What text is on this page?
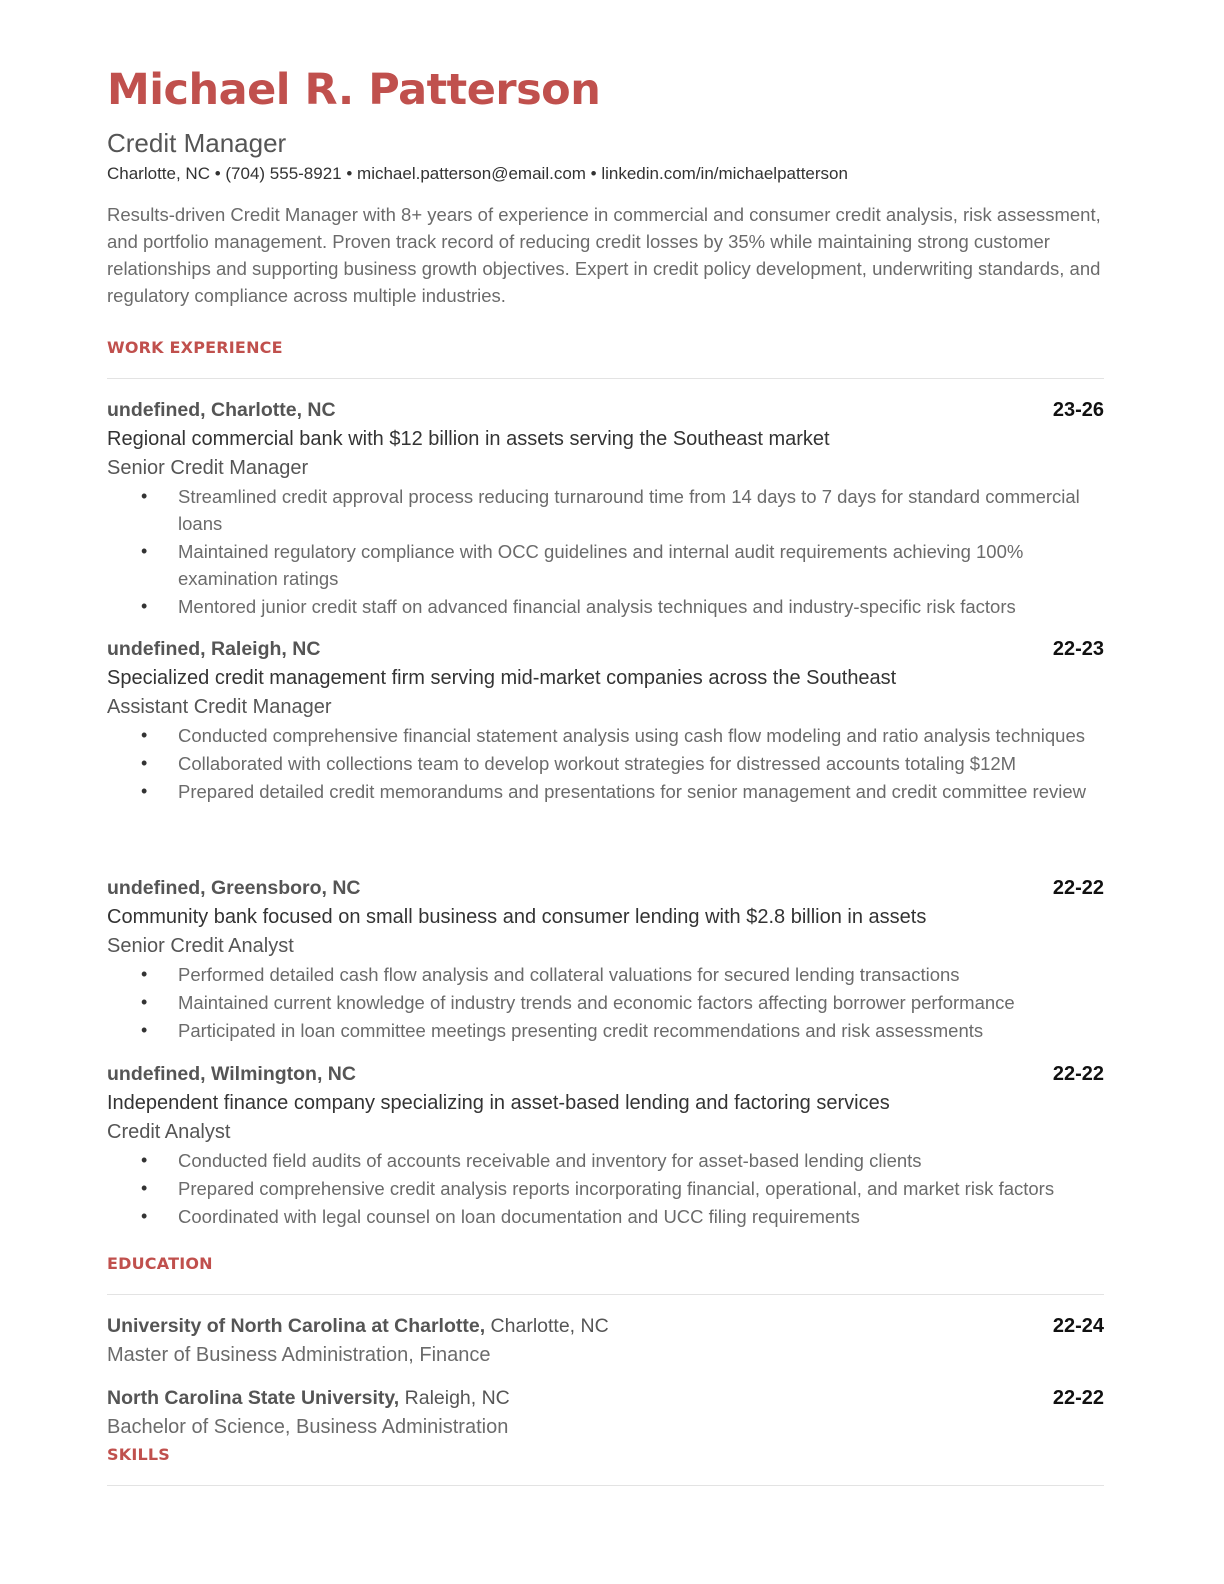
Michael R. Patterson
Credit Manager
Charlotte, NC • (704) 555-8921 • michael.patterson@email.com • linkedin.com/in/michaelpatterson
Results-driven Credit Manager with 8+ years of experience in commercial and consumer credit analysis, risk assessment, and portfolio management. Proven track record of reducing credit losses by 35% while maintaining strong customer relationships and supporting business growth objectives. Expert in credit policy development, underwriting standards, and regulatory compliance across multiple industries.
WORK EXPERIENCE
undefined, Charlotte, NC	23-26
Regional commercial bank with $12 billion in assets serving the Southeast market
Senior Credit Manager
• Streamlined credit approval process reducing turnaround time from 14 days to 7 days for standard commercial loans
• Maintained regulatory compliance with OCC guidelines and internal audit requirements achieving 100% examination ratings
• Mentored junior credit staff on advanced financial analysis techniques and industry-specific risk factors
undefined, Raleigh, NC	22-23
Specialized credit management firm serving mid-market companies across the Southeast
Assistant Credit Manager
• Conducted comprehensive financial statement analysis using cash flow modeling and ratio analysis techniques
• Collaborated with collections team to develop workout strategies for distressed accounts totaling $12M
• Prepared detailed credit memorandums and presentations for senior management and credit committee review
undefined, Greensboro, NC	22-22
Community bank focused on small business and consumer lending with $2.8 billion in assets
Senior Credit Analyst
• Performed detailed cash flow analysis and collateral valuations for secured lending transactions
• Maintained current knowledge of industry trends and economic factors affecting borrower performance
• Participated in loan committee meetings presenting credit recommendations and risk assessments
undefined, Wilmington, NC	22-22
Independent finance company specializing in asset-based lending and factoring services
Credit Analyst
• Conducted field audits of accounts receivable and inventory for asset-based lending clients
• Prepared comprehensive credit analysis reports incorporating financial, operational, and market risk factors
• Coordinated with legal counsel on loan documentation and UCC filing requirements
EDUCATION
University of North Carolina at Charlotte, Charlotte, NC	22-24
Master of Business Administration, Finance
North Carolina State University, Raleigh, NC	22-22
Bachelor of Science, Business Administration
SKILLS
